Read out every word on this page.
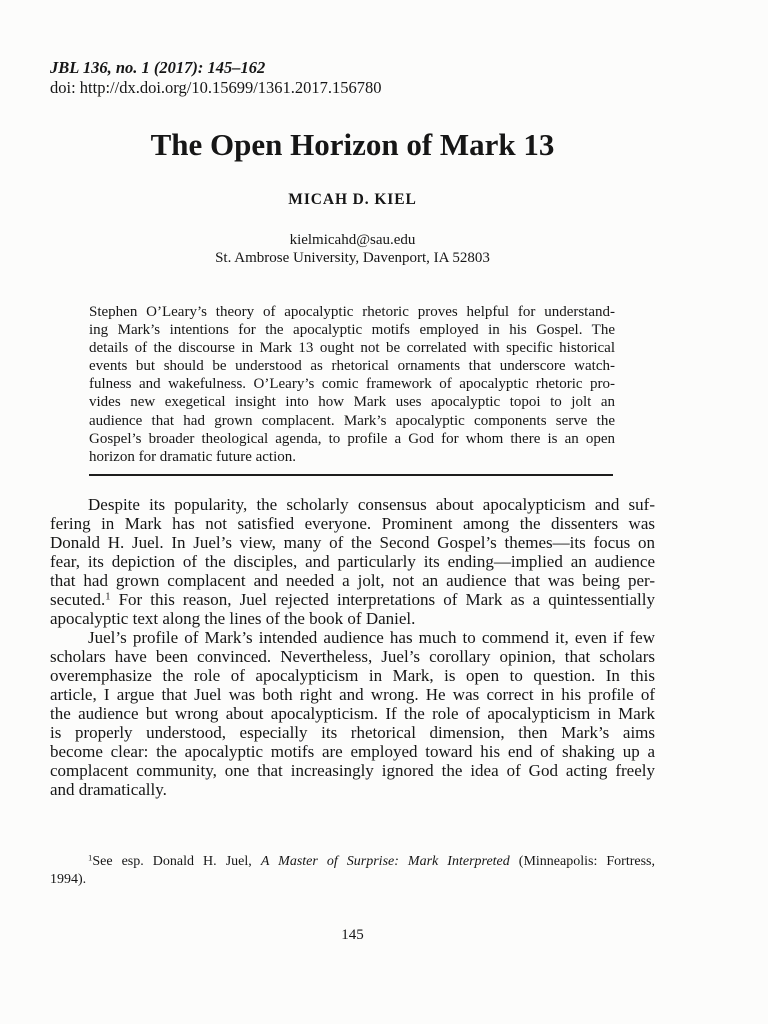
JBL 136, no. 1 (2017): 145–162
doi: http://dx.doi.org/10.15699/1361.2017.156780
The Open Horizon of Mark 13
MICAH D. KIEL
kielmicahd@sau.edu
St. Ambrose University, Davenport, IA 52803
Stephen O’Leary’s theory of apocalyptic rhetoric proves helpful for understand-
ing Mark’s intentions for the apocalyptic motifs employed in his Gospel. The
details of the discourse in Mark 13 ought not be correlated with specific historical
events but should be understood as rhetorical ornaments that underscore watch-
fulness and wakefulness. O’Leary’s comic framework of apocalyptic rhetoric pro-
vides new exegetical insight into how Mark uses apocalyptic topoi to jolt an
audience that had grown complacent. Mark’s apocalyptic components serve the
Gospel’s broader theological agenda, to profile a God for whom there is an open
horizon for dramatic future action.
Despite its popularity, the scholarly consensus about apocalypticism and suf-
fering in Mark has not satisfied everyone. Prominent among the dissenters was
Donald H. Juel. In Juel’s view, many of the Second Gospel’s themes—its focus on
fear, its depiction of the disciples, and particularly its ending—implied an audience
that had grown complacent and needed a jolt, not an audience that was being per-
secuted.$^1$ For this reason, Juel rejected interpretations of Mark as a quintessentially
apocalyptic text along the lines of the book of Daniel.
Juel’s profile of Mark’s intended audience has much to commend it, even if few
scholars have been convinced. Nevertheless, Juel’s corollary opinion, that scholars
overemphasize the role of apocalypticism in Mark, is open to question. In this
article, I argue that Juel was both right and wrong. He was correct in his profile of
the audience but wrong about apocalypticism. If the role of apocalypticism in Mark
is properly understood, especially its rhetorical dimension, then Mark’s aims
become clear: the apocalyptic motifs are employed toward his end of shaking up a
complacent community, one that increasingly ignored the idea of God acting freely
and dramatically.
$^1$See esp. Donald H. Juel, A Master of Surprise: Mark Interpreted (Minneapolis: Fortress,
1994).
145
